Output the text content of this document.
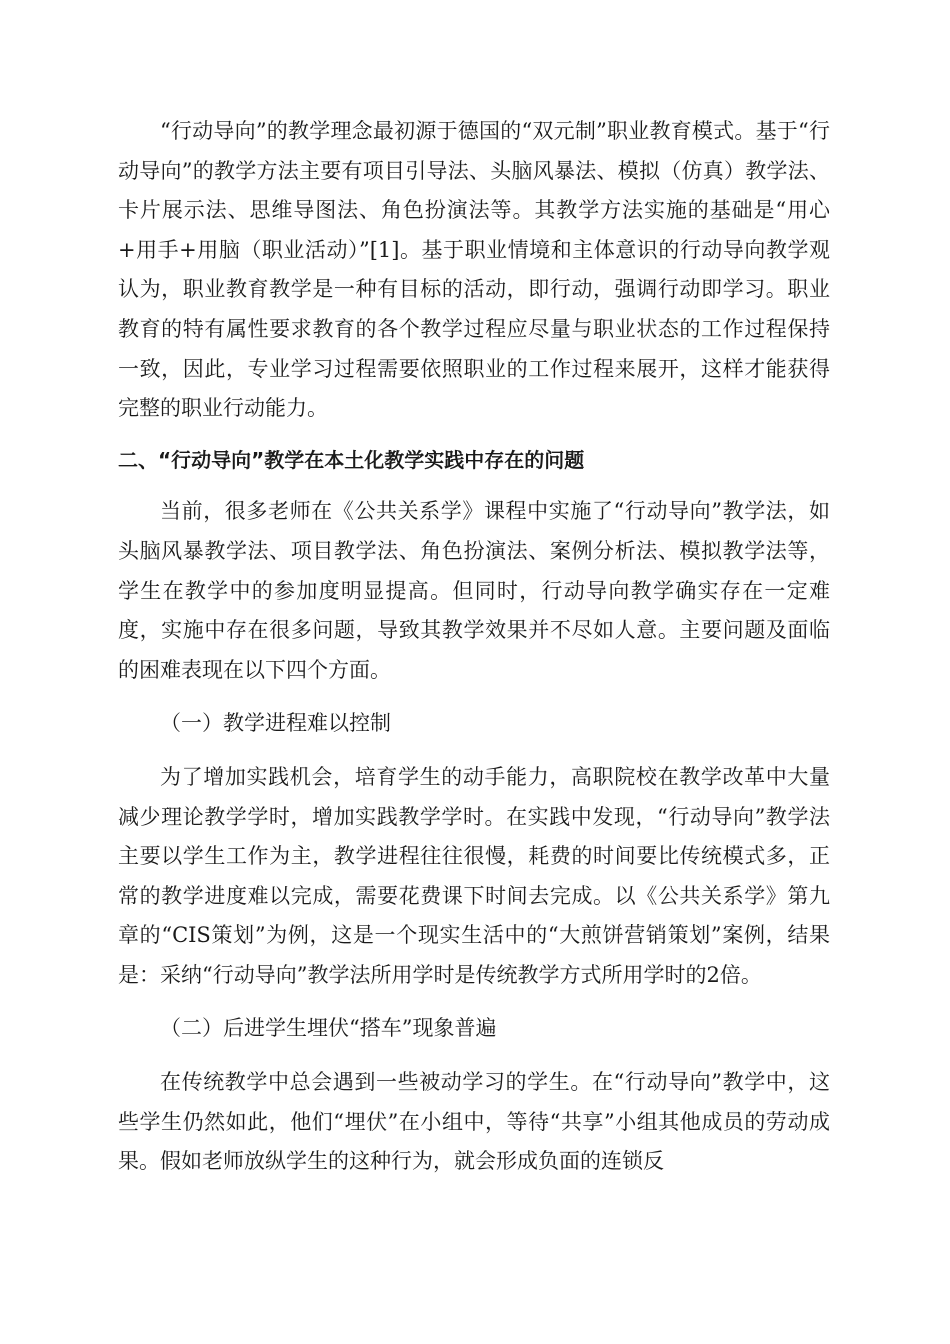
“行动导向”的教学理念最初源于德国的“双元制”职业教育模式。基于“行动导向”的教学方法主要有项目引导法、头脑风暴法、模拟（仿真）教学法、卡片展示法、思维导图法、角色扮演法等。其教学方法实施的基础是“用心+用手+用脑（职业活动）”[1]。基于职业情境和主体意识的行动导向教学观认为，职业教育教学是一种有目标的活动，即行动，强调行动即学习。职业教育的特有属性要求教育的各个教学过程应尽量与职业状态的工作过程保持一致，因此，专业学习过程需要依照职业的工作过程来展开，这样才能获得完整的职业行动能力。

二、“行动导向”教学在本土化教学实践中存在的问题

当前，很多老师在《公共关系学》课程中实施了“行动导向”教学法，如头脑风暴教学法、项目教学法、角色扮演法、案例分析法、模拟教学法等，学生在教学中的参加度明显提高。但同时，行动导向教学确实存在一定难度，实施中存在很多问题，导致其教学效果并不尽如人意。主要问题及面临的困难表现在以下四个方面。

（一）教学进程难以控制

为了增加实践机会，培育学生的动手能力，高职院校在教学改革中大量减少理论教学学时，增加实践教学学时。在实践中发现，“行动导向”教学法主要以学生工作为主，教学进程往往很慢，耗费的时间要比传统模式多，正常的教学进度难以完成，需要花费课下时间去完成。以《公共关系学》第九章的“CIS策划”为例，这是一个现实生活中的“大煎饼营销策划”案例，结果是：采纳“行动导向”教学法所用学时是传统教学方式所用学时的2倍。

（二）后进学生埋伏“搭车”现象普遍

在传统教学中总会遇到一些被动学习的学生。在“行动导向”教学中，这些学生仍然如此，他们“埋伏”在小组中，等待“共享”小组其他成员的劳动成果。假如老师放纵学生的这种行为，就会形成负面的连锁反
